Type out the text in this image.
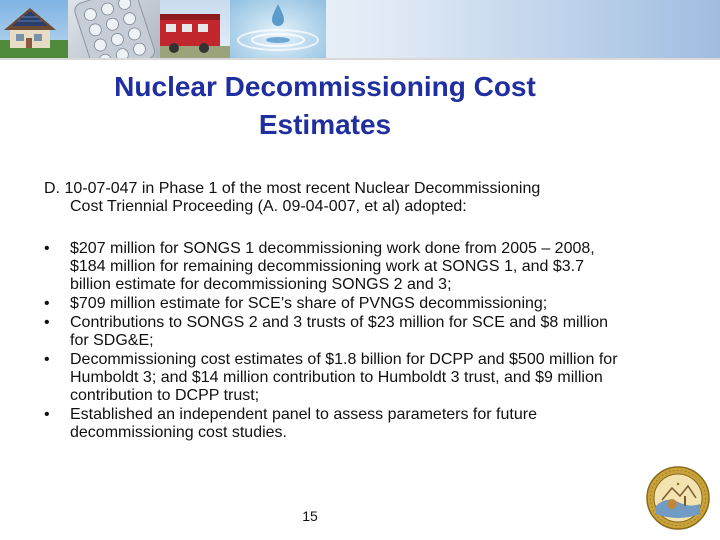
Nuclear Decommissioning Cost
Estimates

D. 10-07-047 in Phase 1 of the most recent Nuclear Decommissioning
Cost Triennial Proceeding (A. 09-04-007, et al) adopted:

•	$207 million for SONGS 1 decommissioning work done from 2005 – 2008, $184 million for remaining decommissioning work at SONGS 1, and $3.7 billion estimate for decommissioning SONGS 2 and 3;
•	$709 million estimate for SCE’s share of PVNGS decommissioning;
•	Contributions to SONGS 2 and 3 trusts of $23 million for SCE and $8 million for SDG&E;
•	Decommissioning cost estimates of $1.8 billion for DCPP and $500 million for Humboldt 3; and $14 million contribution to Humboldt 3 trust, and $9 million contribution to DCPP trust;
•	Established an independent panel to assess parameters for future decommissioning cost studies.
15
